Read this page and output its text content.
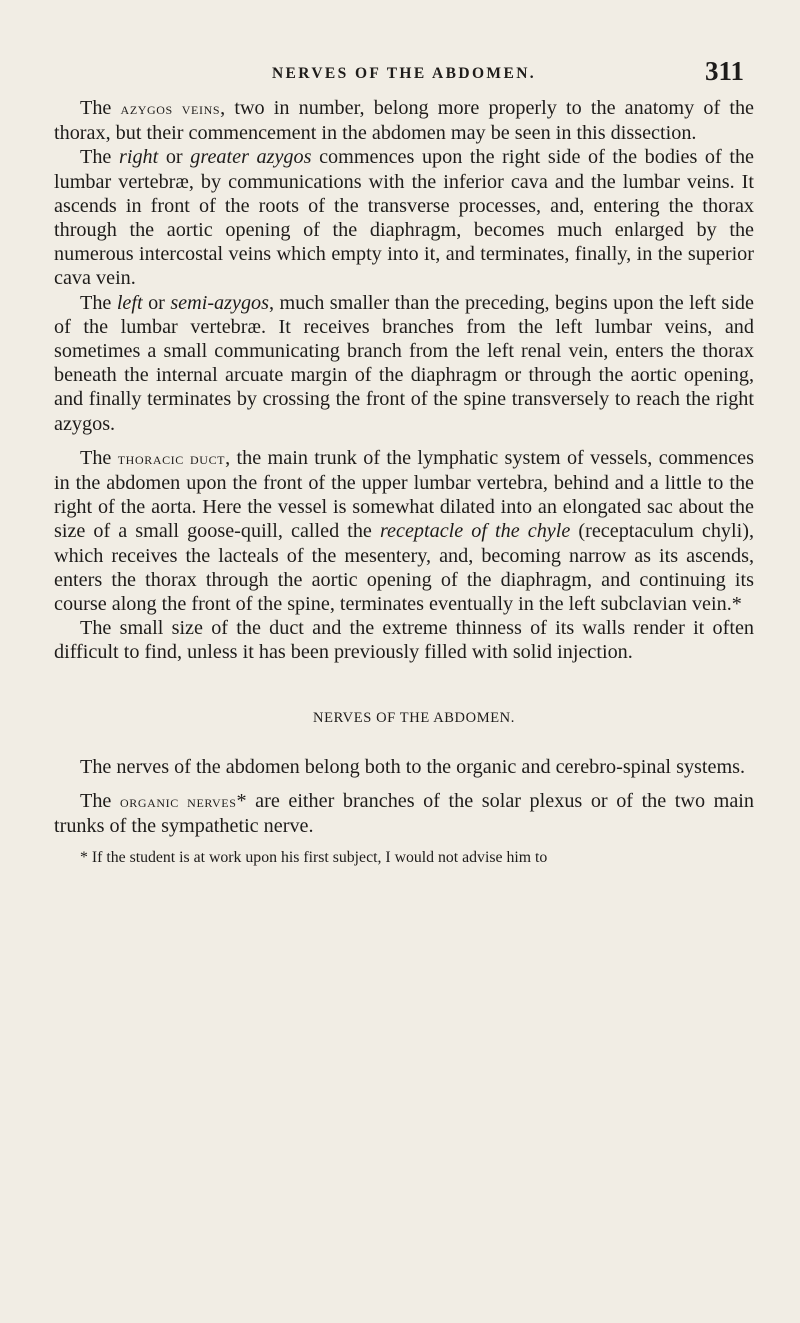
NERVES OF THE ABDOMEN.	311

The azygos veins, two in number, belong more properly to the anatomy of the thorax, but their commencement in the abdomen may be seen in this dissection.

The right or greater azygos commences upon the right side of the bodies of the lumbar vertebræ, by communications with the inferior cava and the lumbar veins. It ascends in front of the roots of the transverse processes, and, entering the thorax through the aortic opening of the diaphragm, becomes much enlarged by the numerous intercostal veins which empty into it, and terminates, finally, in the superior cava vein.

The left or semi-azygos, much smaller than the preceding, begins upon the left side of the lumbar vertebræ. It receives branches from the left lumbar veins, and sometimes a small communicating branch from the left renal vein, enters the thorax beneath the internal arcuate margin of the diaphragm or through the aortic opening, and finally terminates by crossing the front of the spine transversely to reach the right azygos.

The thoracic duct, the main trunk of the lymphatic system of vessels, commences in the abdomen upon the front of the upper lumbar vertebra, behind and a little to the right of the aorta. Here the vessel is somewhat dilated into an elongated sac about the size of a small goose-quill, called the receptacle of the chyle (receptaculum chyli), which receives the lacteals of the mesentery, and, becoming narrow as its ascends, enters the thorax through the aortic opening of the diaphragm, and continuing its course along the front of the spine, terminates eventually in the left subclavian vein.*

The small size of the duct and the extreme thinness of its walls render it often difficult to find, unless it has been previously filled with solid injection.

NERVES OF THE ABDOMEN.

The nerves of the abdomen belong both to the organic and cerebro-spinal systems.

The organic nerves* are either branches of the solar plexus or of the two main trunks of the sympathetic nerve.

* If the student is at work upon his first subject, I would not advise him to
